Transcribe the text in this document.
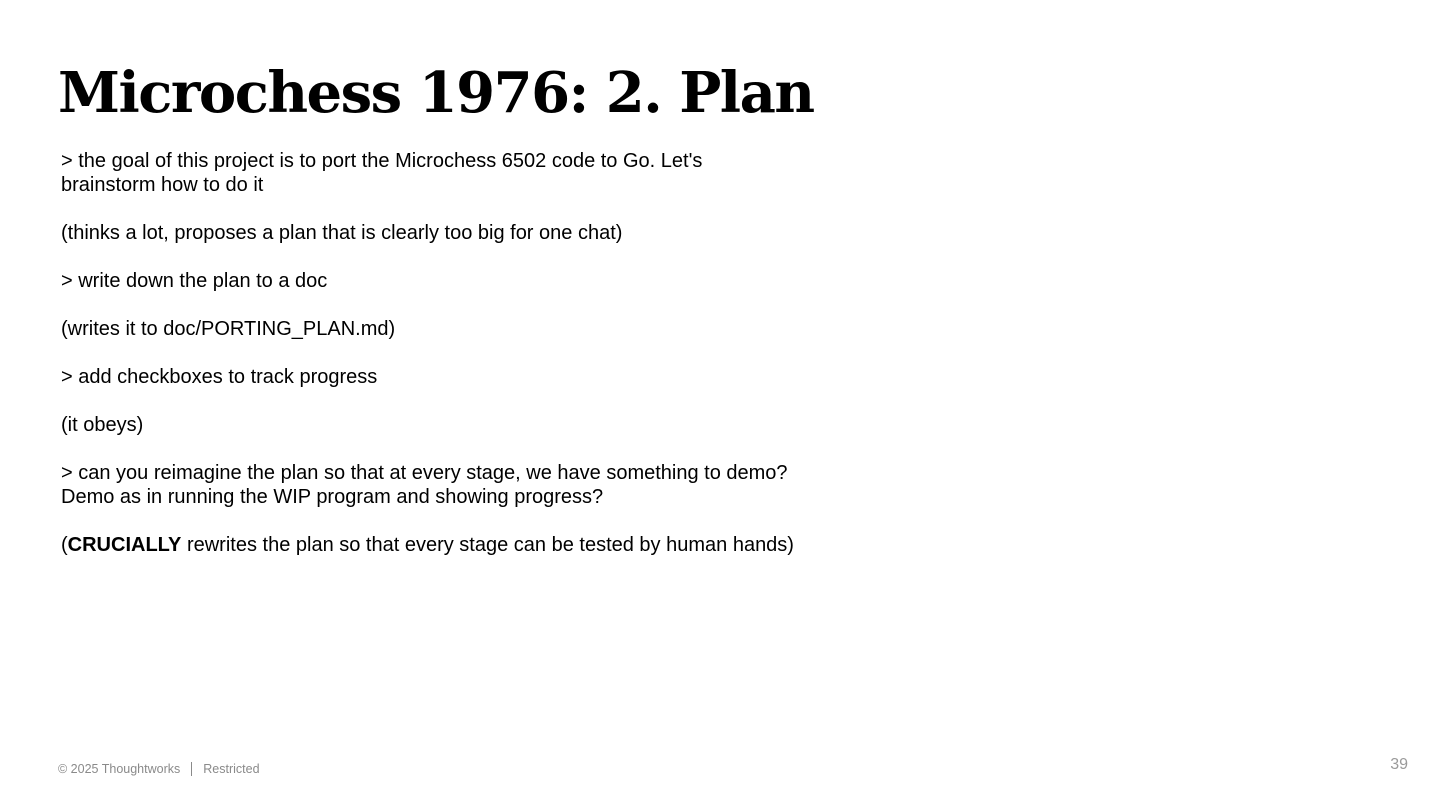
Microchess 1976: 2. Plan

> the goal of this project is to port the Microchess 6502 code to Go. Let's
brainstorm how to do it

(thinks a lot, proposes a plan that is clearly too big for one chat)

> write down the plan to a doc

(writes it to doc/PORTING_PLAN.md)

> add checkboxes to track progress

(it obeys)

> can you reimagine the plan so that at every stage, we have something to demo?
Demo as in running the WIP program and showing progress?

(CRUCIALLY rewrites the plan so that every stage can be tested by human hands)

© 2025 Thoughtworks Restricted	39
